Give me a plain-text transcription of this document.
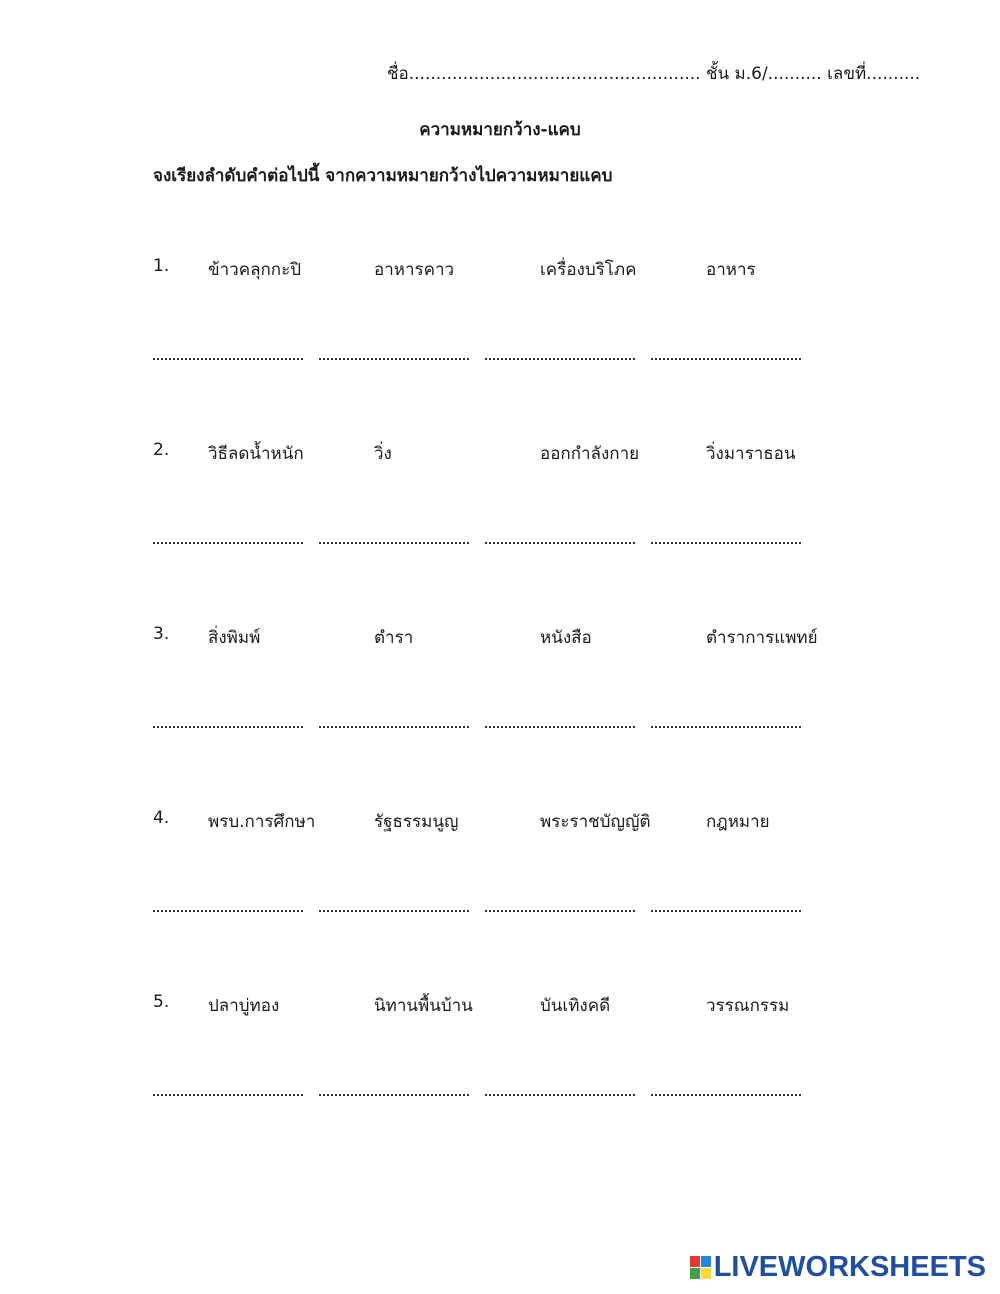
ชื่อ...................................................... ชั้น ม.6/.......... เลขที่..........
ความหมายกว้าง-แคบ
จงเรียงลำดับคำต่อไปนี้ จากความหมายกว้างไปความหมายแคบ
1. ข้าวคลุกกะปิ	อาหารคาว	เครื่องบริโภค	อาหาร
2. วิธีลดน้ำหนัก	วิ่ง	ออกกำลังกาย	วิ่งมาราธอน
3. สิ่งพิมพ์	ตำรา	หนังสือ	ตำราการแพทย์
4. พรบ.การศึกษา	รัฐธรรมนูญ	พระราชบัญญัติ	กฎหมาย
5. ปลาบู่ทอง	นิทานพื้นบ้าน	บันเทิงคดี	วรรณกรรม
LIVEWORKSHEETS
